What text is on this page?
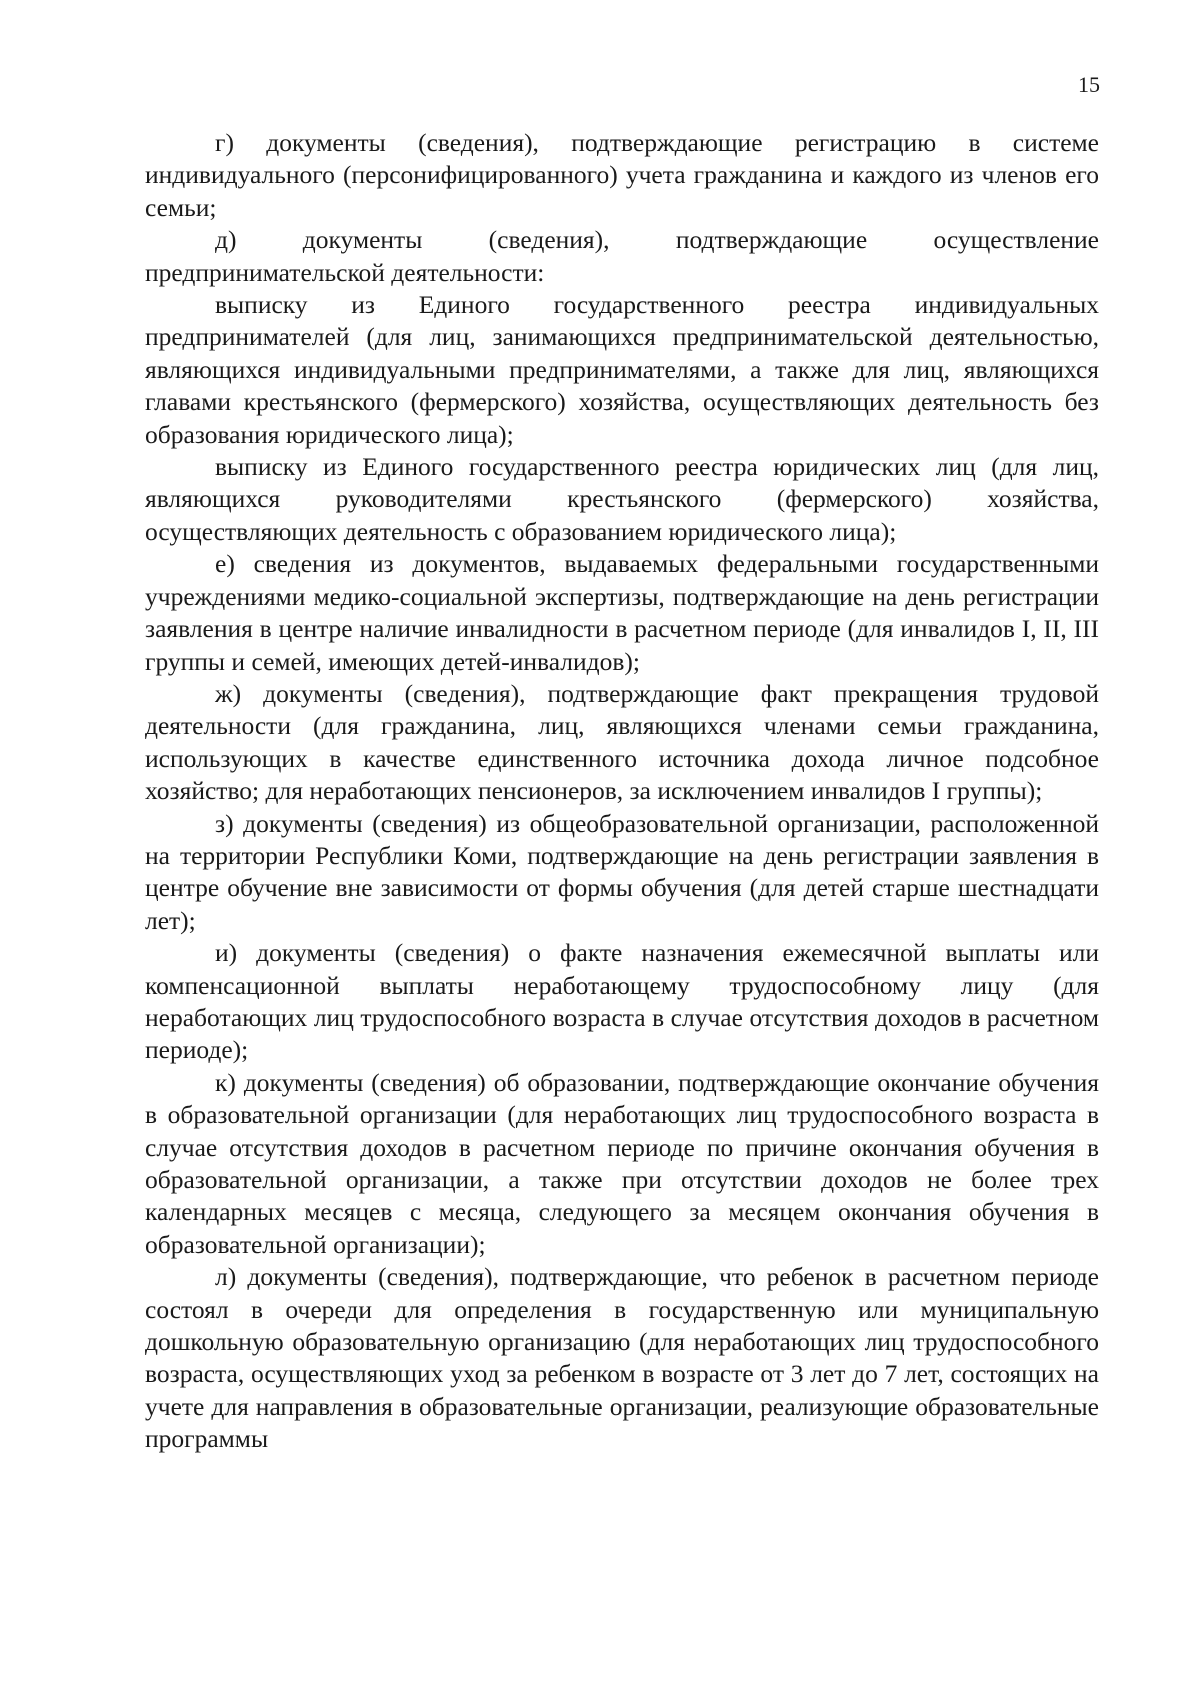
15

г) документы (сведения), подтверждающие регистрацию в системе индивидуального (персонифицированного) учета гражданина и каждого из членов его семьи;

д) документы (сведения), подтверждающие осуществление предпринимательской деятельности:

выписку из Единого государственного реестра индивидуальных предпринимателей (для лиц, занимающихся предпринимательской деятельностью, являющихся индивидуальными предпринимателями, а также для лиц, являющихся главами крестьянского (фермерского) хозяйства, осуществляющих деятельность без образования юридического лица);

выписку из Единого государственного реестра юридических лиц (для лиц, являющихся руководителями крестьянского (фермерского) хозяйства, осуществляющих деятельность с образованием юридического лица);

е) сведения из документов, выдаваемых федеральными государственными учреждениями медико-социальной экспертизы, подтверждающие на день регистрации заявления в центре наличие инвалидности в расчетном периоде (для инвалидов I, II, III группы и семей, имеющих детей-инвалидов);

ж) документы (сведения), подтверждающие факт прекращения трудовой деятельности (для гражданина, лиц, являющихся членами семьи гражданина, использующих в качестве единственного источника дохода личное подсобное хозяйство; для неработающих пенсионеров, за исключением инвалидов I группы);

з) документы (сведения) из общеобразовательной организации, расположенной на территории Республики Коми, подтверждающие на день регистрации заявления в центре обучение вне зависимости от формы обучения (для детей старше шестнадцати лет);

и) документы (сведения) о факте назначения ежемесячной выплаты или компенсационной выплаты неработающему трудоспособному лицу (для неработающих лиц трудоспособного возраста в случае отсутствия доходов в расчетном периоде);

к) документы (сведения) об образовании, подтверждающие окончание обучения в образовательной организации (для неработающих лиц трудоспособного возраста в случае отсутствия доходов в расчетном периоде по причине окончания обучения в образовательной организации, а также при отсутствии доходов не более трех календарных месяцев с месяца, следующего за месяцем окончания обучения в образовательной организации);

л) документы (сведения), подтверждающие, что ребенок в расчетном периоде состоял в очереди для определения в государственную или муниципальную дошкольную образовательную организацию (для неработающих лиц трудоспособного возраста, осуществляющих уход за ребенком в возрасте от 3 лет до 7 лет, состоящих на учете для направления в образовательные организации, реализующие образовательные программы
